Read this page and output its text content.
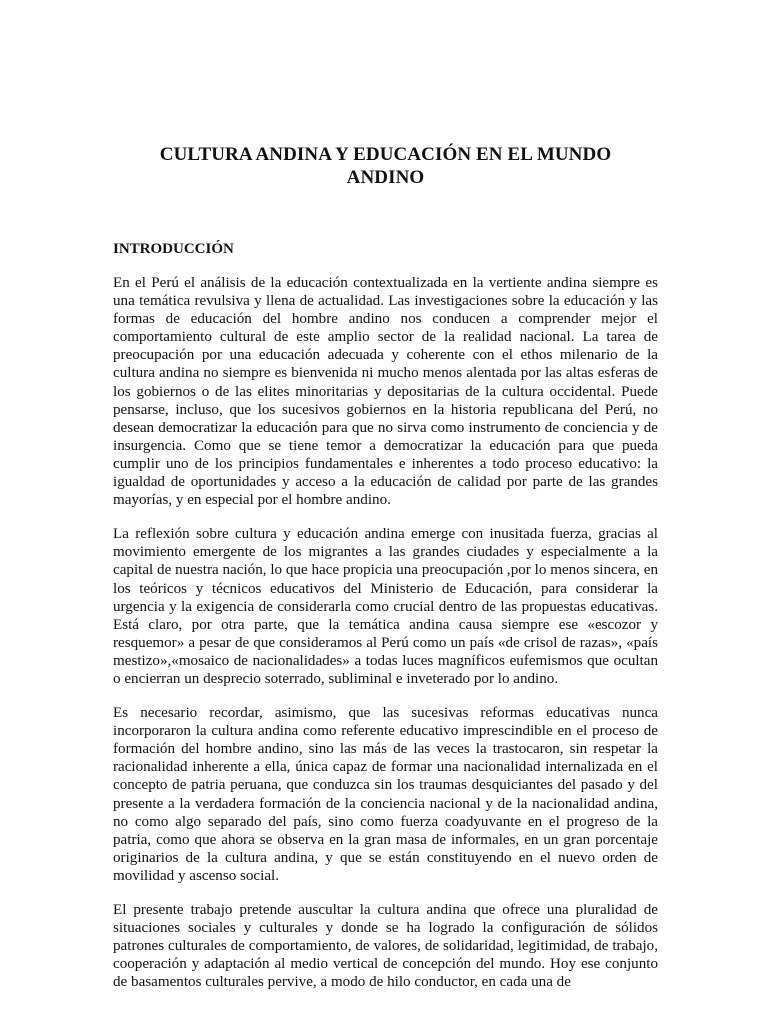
CULTURA ANDINA Y EDUCACIÓN EN EL MUNDO
ANDINO
INTRODUCCIÓN

En el Perú el análisis de la educación contextualizada en la vertiente andina siempre es una temática revulsiva y llena de actualidad. Las investigaciones sobre la educación y las formas de educación del hombre andino nos conducen a comprender mejor el comportamiento cultural de este amplio sector de la realidad nacional. La tarea de preocupación por una educación adecuada y coherente con el ethos milenario de la cultura andina no siempre es bienvenida ni mucho menos alentada por las altas esferas de los gobiernos o de las elites minoritarias y depositarias de la cultura occidental. Puede pensarse, incluso, que los sucesivos gobiernos en la historia republicana del Perú, no desean democratizar la educación para que no sirva como instrumento de conciencia y de insurgencia. Como que se tiene temor a democratizar la educación para que pueda cumplir uno de los principios fundamentales e inherentes a todo proceso educativo: la igualdad de oportunidades y acceso a la educación de calidad por parte de las grandes mayorías, y en especial por el hombre andino.

La reflexión sobre cultura y educación andina emerge con inusitada fuerza, gracias al movimiento emergente de los migrantes a las grandes ciudades y especialmente a la capital de nuestra nación, lo que hace propicia una preocupación ,por lo menos sincera, en los teóricos y técnicos educativos del Ministerio de Educación, para considerar la urgencia y la exigencia de considerarla como crucial dentro de las propuestas educativas. Está claro, por otra parte, que la temática andina causa siempre ese «escozor y resquemor» a pesar de que consideramos al Perú como un país «de crisol de razas», «país mestizo»,«mosaico de nacionalidades» a todas luces magníficos eufemismos que ocultan o encierran un desprecio soterrado, subliminal e inveterado por lo andino.

Es necesario recordar, asimismo, que las sucesivas reformas educativas nunca incorporaron la cultura andina como referente educativo imprescindible en el proceso de formación del hombre andino, sino las más de las veces la trastocaron, sin respetar la racionalidad inherente a ella, única capaz de formar una nacionalidad internalizada en el concepto de patria peruana, que conduzca sin los traumas desquiciantes del pasado y del presente a la verdadera formación de la conciencia nacional y de la nacionalidad andina, no como algo separado del país, sino como fuerza coadyuvante en el progreso de la patria, como que ahora se observa en la gran masa de informales, en un gran porcentaje originarios de la cultura andina, y que se están constituyendo en el nuevo orden de movilidad y ascenso social.

El presente trabajo pretende auscultar la cultura andina que ofrece una pluralidad de situaciones sociales y culturales y donde se ha logrado la configuración de sólidos patrones culturales de comportamiento, de valores, de solidaridad, legitimidad, de trabajo, cooperación y adaptación al medio vertical de concepción del mundo. Hoy ese conjunto de basamentos culturales pervive, a modo de hilo conductor, en cada una de
